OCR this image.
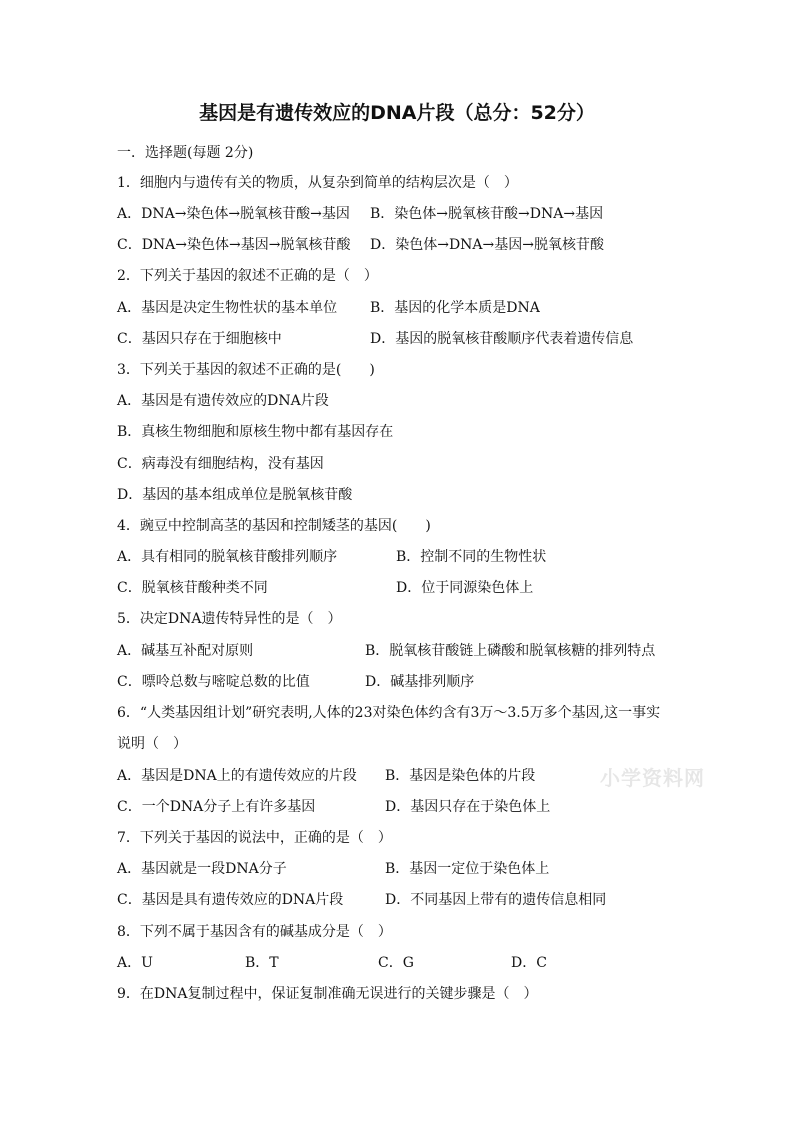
基因是有遗传效应的DNA片段（总分：52分）
一．选择题(每题 2分)
1．细胞内与遗传有关的物质，从复杂到简单的结构层次是（　）
A．DNA→染色体→脱氧核苷酸→基因 B．染色体→脱氧核苷酸→DNA→基因
C．DNA→染色体→基因→脱氧核苷酸 D．染色体→DNA→基因→脱氧核苷酸
2．下列关于基因的叙述不正确的是（　）
A．基因是决定生物性状的基本单位 B．基因的化学本质是DNA
C．基因只存在于细胞核中	D．基因的脱氧核苷酸顺序代表着遗传信息
3．下列关于基因的叙述不正确的是(　　)
A．基因是有遗传效应的DNA片段
B．真核生物细胞和原核生物中都有基因存在
C．病毒没有细胞结构，没有基因
D．基因的基本组成单位是脱氧核苷酸
4．豌豆中控制高茎的基因和控制矮茎的基因(　　)
A．具有相同的脱氧核苷酸排列顺序	B．控制不同的生物性状
C．脱氧核苷酸种类不同	D．位于同源染色体上
5．决定DNA遗传特异性的是（　）
A．碱基互补配对原则	B．脱氧核苷酸链上磷酸和脱氧核糖的排列特点
C．嘌呤总数与嘧啶总数的比值	D．碱基排列顺序
6．“人类基因组计划”研究表明,人体的23对染色体约含有3万～3.5万多个基因,这一事实
说明（　）
A．基因是DNA上的有遗传效应的片段 B．基因是染色体的片段
C．一个DNA分子上有许多基因	D．基因只存在于染色体上
小学资料网
7．下列关于基因的说法中，正确的是（　）
A．基因就是一段DNA分子	B．基因一定位于染色体上
C．基因是具有遗传效应的DNA片段	D．不同基因上带有的遗传信息相同
8．下列不属于基因含有的碱基成分是（　）
A．U	B．T	C．G	D．C
9．在DNA复制过程中，保证复制准确无误进行的关键步骤是（　）
